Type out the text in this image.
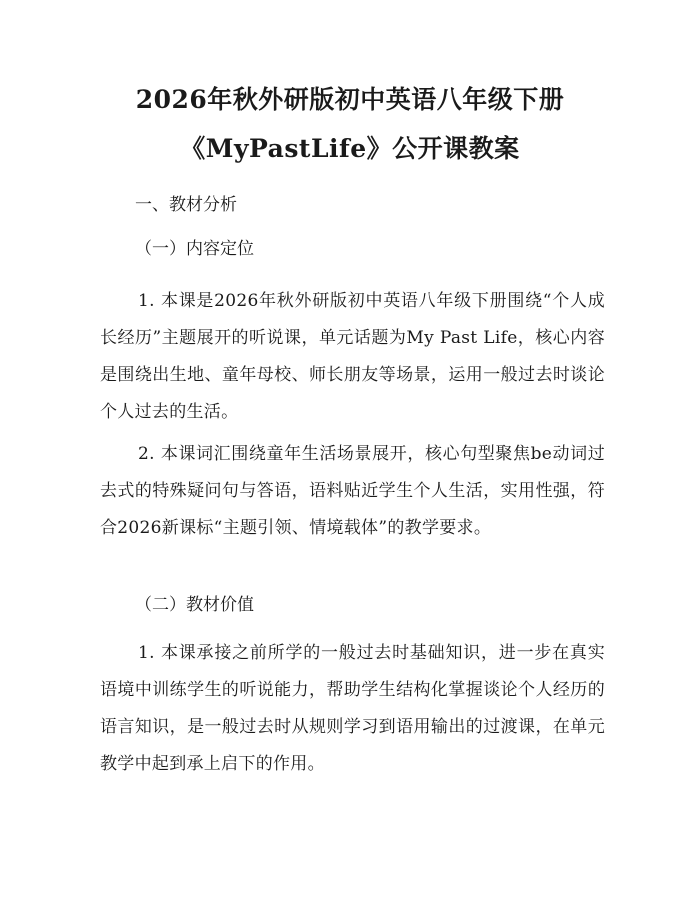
2026年秋外研版初中英语八年级下册
《MyPastLife》公开课教案
一、教材分析
（一）内容定位

1. 本课是2026年秋外研版初中英语八年级下册围绕“个人成长经历”主题展开的听说课，单元话题为My Past Life，核心内容是围绕出生地、童年母校、师长朋友等场景，运用一般过去时谈论个人过去的生活。

2. 本课词汇围绕童年生活场景展开，核心句型聚焦be动词过去式的特殊疑问句与答语，语料贴近学生个人生活，实用性强，符合2026新课标“主题引领、情境载体”的教学要求。

（二）教材价值

1. 本课承接之前所学的一般过去时基础知识，进一步在真实语境中训练学生的听说能力，帮助学生结构化掌握谈论个人经历的语言知识，是一般过去时从规则学习到语用输出的过渡课，在单元教学中起到承上启下的作用。
